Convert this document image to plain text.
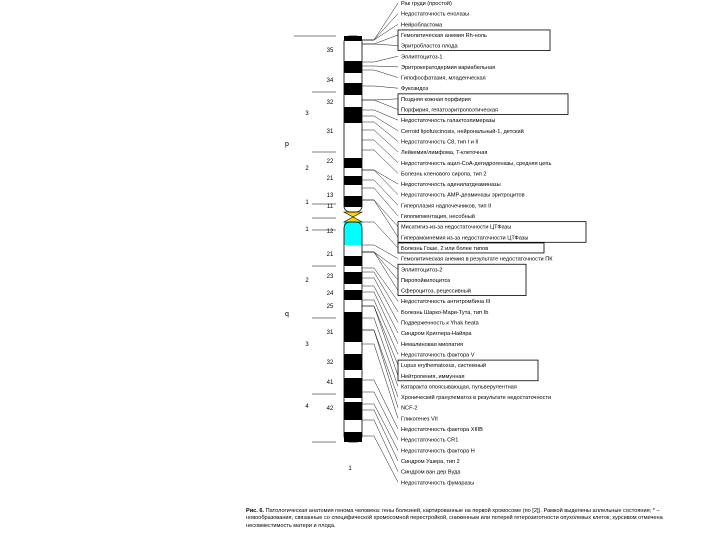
35
34
32
31
22
21
13
11
12
21
23
24
25
31
32
41
42
3
2
1
1
2
3
4
p
q
1
Рак груди (простой)
Недостаточность енолазы
Нейробластома
Гемолитическая анемия Rh-ноль
Эритробластоз плода
Эллиптоцитоз-1
Эритрокератодермия вариабельная
Гипофосфатазия, младенческая
Фукозидоз
Поздняя кожная порфирия
Порфирия, гепатоэритропоэтическая
Недостаточность галактоэпимеразы
Cerroid lipofuscinosis, нейрональный-1, детский
Недостаточность C8, тип I и II
Лейкемия/лимфома, T-клеточная
Недостаточность ацил-CoA-дегидрогеназы, средняя цепь
Болезнь кленового сиропа, тип 2
Недостаточность аденилатдеаминазы
Недостаточность AMP-деаминазы эритроцитов
Гиперплазия надпочечников, тип II
Гипопигментация, несобный
Мисатигиз-из-за недостаточности ЦТФазы
Гиперамоинемия из-за недостаточности ЦТФазы
Болезнь Гоше, 2 или более типов
Гемолитическая анемия в результате недостаточности ПК
Эллиптоцитоз-2
Пиропойкилоцитоз
Сфероцитоз, рецессивный
Недостаточность антитромбина III
Болезнь Шарко-Мари-Тута, тип Ib
Подверженность к Yhak heata
Синдром Криглера-Найяра
Немалиновая миопатия
Недостаточность фактора V
Lupus erythematosus, системный
Нейтропения, иммунная
Катаракта опоясывающая, пульверулентная
Хронический гранулематоз в результате недостаточности
NCF-2
Гликогенез VII
Недостаточность фактора XIIIB
Недостаточность CR1
Недостаточность фактора H
Синдром Ушера, тип 2
Синдром ван дер Вуда
Недостаточность фумаразы
Рис. 6. Патологическая анатомия генома человека: гены болезней, картированные на первой хромосоме (по [2]). Рамкой выделены аллельные состояния; * – новообразования, связанные со специфической хромосомной перестройкой, сниженным или потерей гетерозиготности опухолевых клеток; курсивом отмечена несовместимость матери и плода.
